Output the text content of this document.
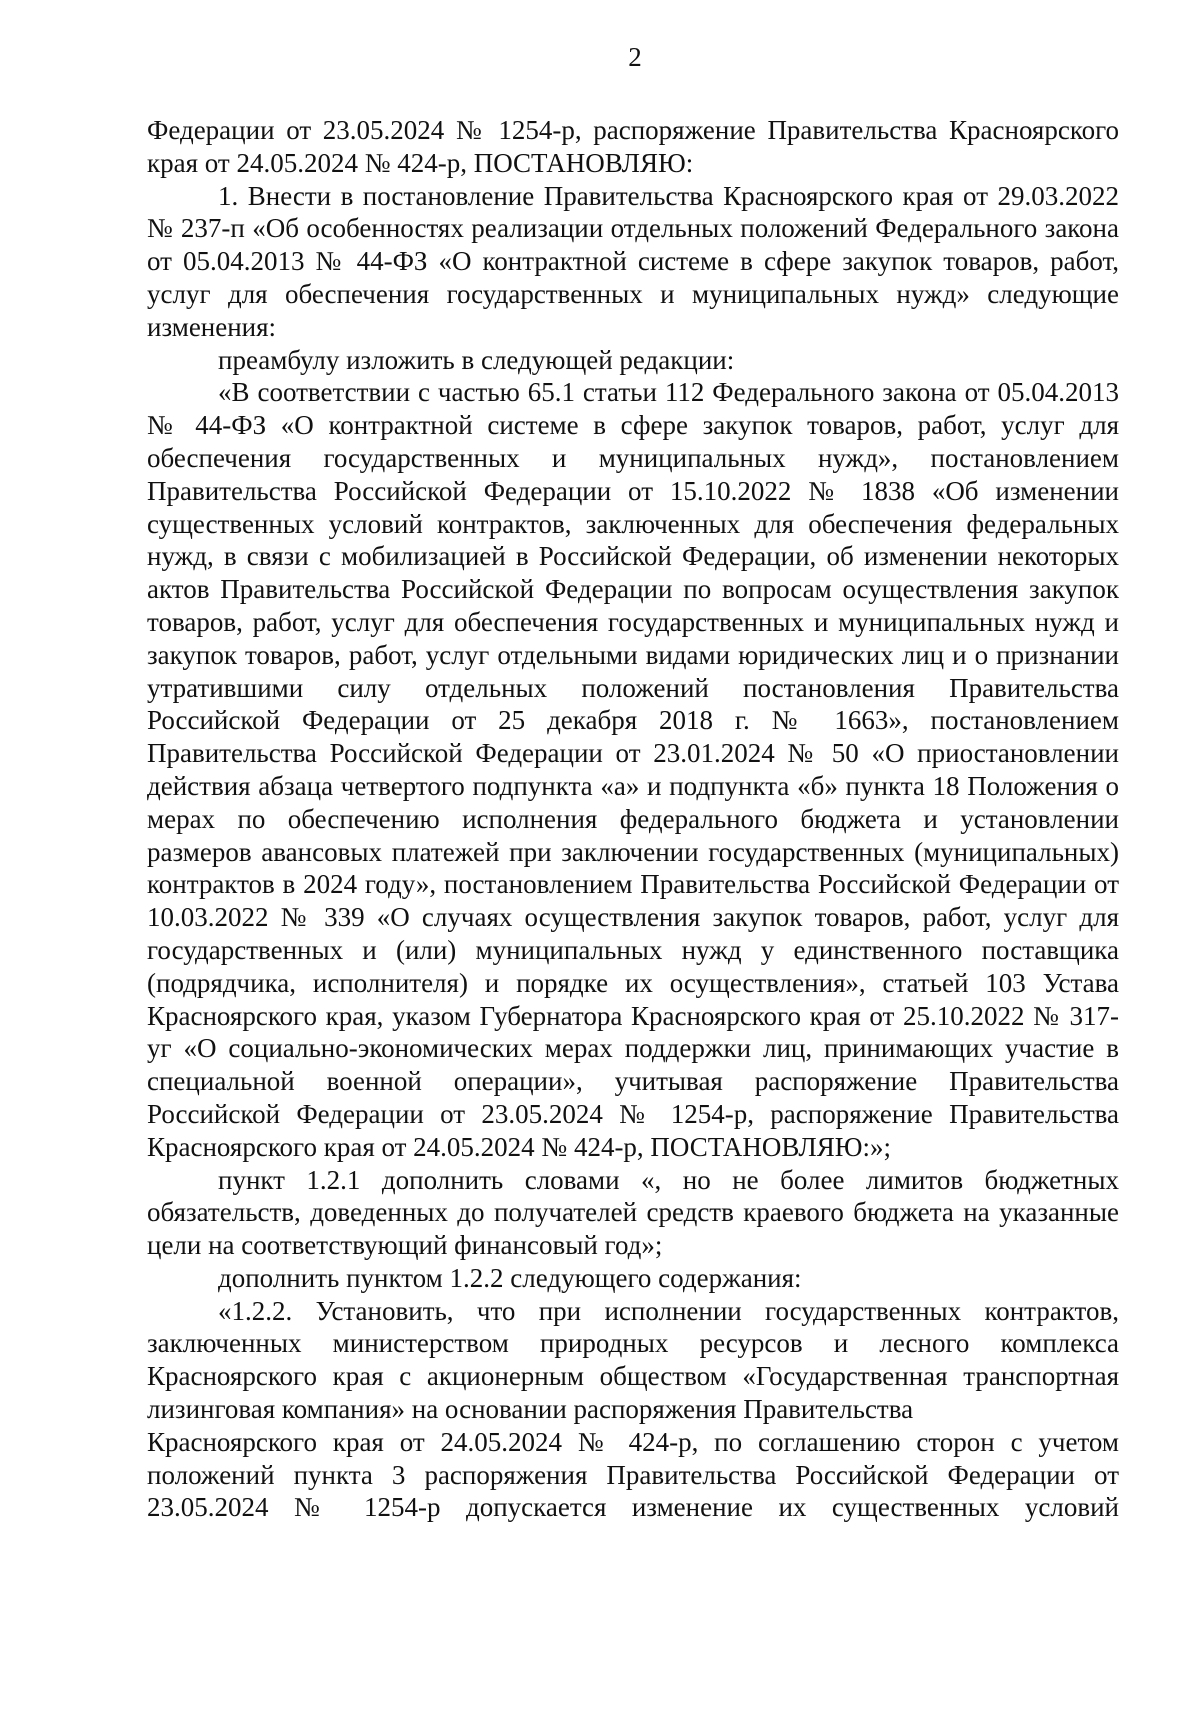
2

Федерации от 23.05.2024 № 1254-р, распоряжение Правительства Красноярского края от 24.05.2024 № 424-р, ПОСТАНОВЛЯЮ:

1. Внести в постановление Правительства Красноярского края от 29.03.2022 № 237-п «Об особенностях реализации отдельных положений Федерального закона от 05.04.2013 № 44-ФЗ «О контрактной системе в сфере закупок товаров, работ, услуг для обеспечения государственных и муниципальных нужд» следующие изменения:

преамбулу изложить в следующей редакции:

«В соответствии с частью 65.1 статьи 112 Федерального закона от 05.04.2013 № 44-ФЗ «О контрактной системе в сфере закупок товаров, работ, услуг для обеспечения государственных и муниципальных нужд», постановлением Правительства Российской Федерации от 15.10.2022 № 1838 «Об изменении существенных условий контрактов, заключенных для обеспечения федеральных нужд, в связи с мобилизацией в Российской Федерации, об изменении некоторых актов Правительства Российской Федерации по вопросам осуществления закупок товаров, работ, услуг для обеспечения государственных и муниципальных нужд и закупок товаров, работ, услуг отдельными видами юридических лиц и о признании утратившими силу отдельных положений постановления Правительства Российской Федерации от 25 декабря 2018 г. № 1663», постановлением Правительства Российской Федерации от 23.01.2024 № 50 «О приостановлении действия абзаца четвертого подпункта «а» и подпункта «б» пункта 18 Положения о мерах по обеспечению исполнения федерального бюджета и установлении размеров авансовых платежей при заключении государственных (муниципальных) контрактов в 2024 году», постановлением Правительства Российской Федерации от 10.03.2022 № 339 «О случаях осуществления закупок товаров, работ, услуг для государственных и (или) муниципальных нужд у единственного поставщика (подрядчика, исполнителя) и порядке их осуществления», статьей 103 Устава Красноярского края, указом Губернатора Красноярского края от 25.10.2022 № 317-уг «О социально-экономических мерах поддержки лиц, принимающих участие в специальной военной операции», учитывая распоряжение Правительства Российской Федерации от 23.05.2024 № 1254-р, распоряжение Правительства Красноярского края от 24.05.2024 № 424-р, ПОСТАНОВЛЯЮ:»;

пункт 1.2.1 дополнить словами «, но не более лимитов бюджетных обязательств, доведенных до получателей средств краевого бюджета на указанные цели на соответствующий финансовый год»;

дополнить пунктом 1.2.2 следующего содержания:

«1.2.2. Установить, что при исполнении государственных контрактов, заключенных министерством природных ресурсов и лесного комплекса Красноярского края с акционерным обществом «Государственная транспортная лизинговая компания» на основании распоряжения Правительства

Красноярского края от 24.05.2024 № 424-р, по соглашению сторон с учетом положений пункта 3 распоряжения Правительства Российской Федерации от 23.05.2024 № 1254-р допускается изменение их существенных условий
